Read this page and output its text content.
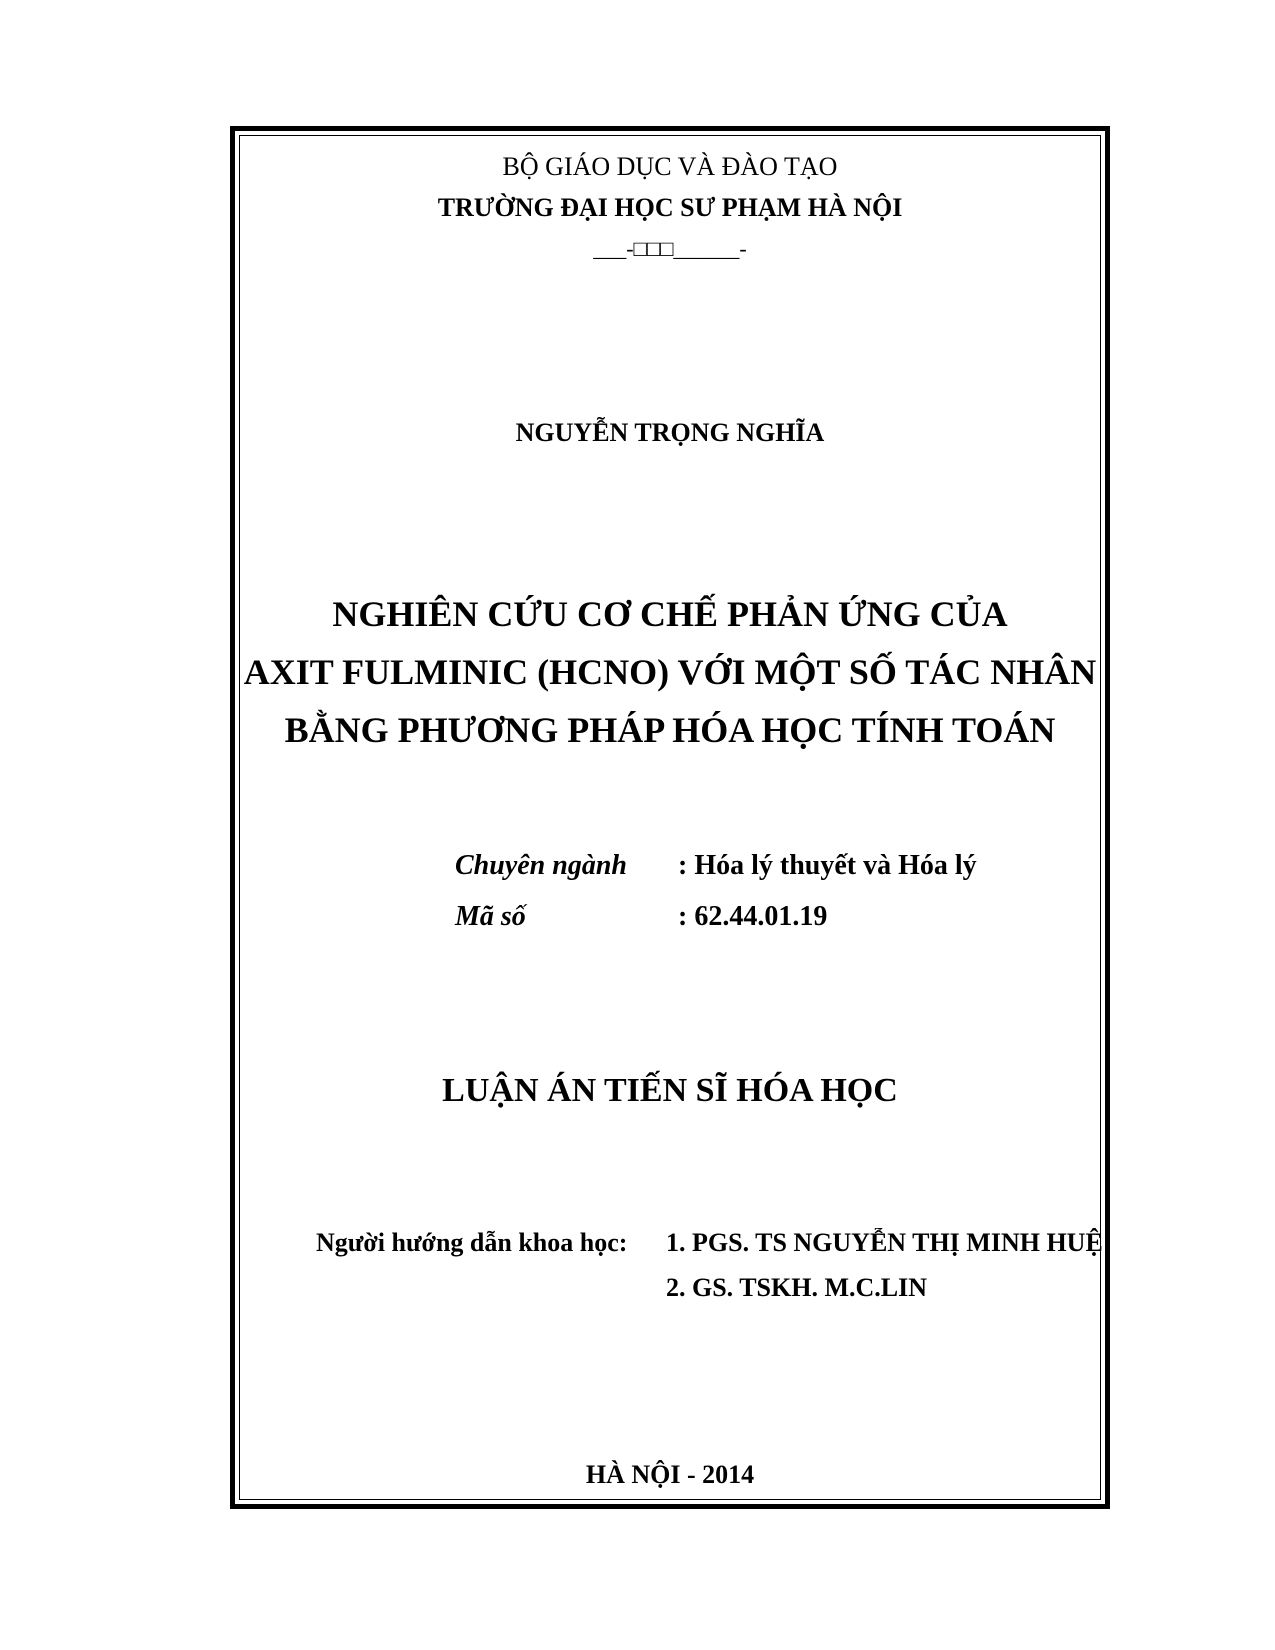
BỘ GIÁO DỤC VÀ ĐÀO TẠO
TRƯỜNG ĐẠI HỌC SƯ PHẠM HÀ NỘI
___-□□□______-
NGUYỄN TRỌNG NGHĨA
NGHIÊN CỨU CƠ CHẾ PHẢN ỨNG CỦA
AXIT FULMINIC (HCNO) VỚI MỘT SỐ TÁC NHÂN
BẰNG PHƯƠNG PHÁP HÓA HỌC TÍNH TOÁN
Chuyên ngành : Hóa lý thuyết và Hóa lý
Mã số	: 62.44.01.19
LUẬN ÁN TIẾN SĨ HÓA HỌC
Người hướng dẫn khoa học: 1. PGS. TS NGUYỄN THỊ MINH HUỆ
2. GS. TSKH. M.C.LIN
HÀ NỘI - 2014
